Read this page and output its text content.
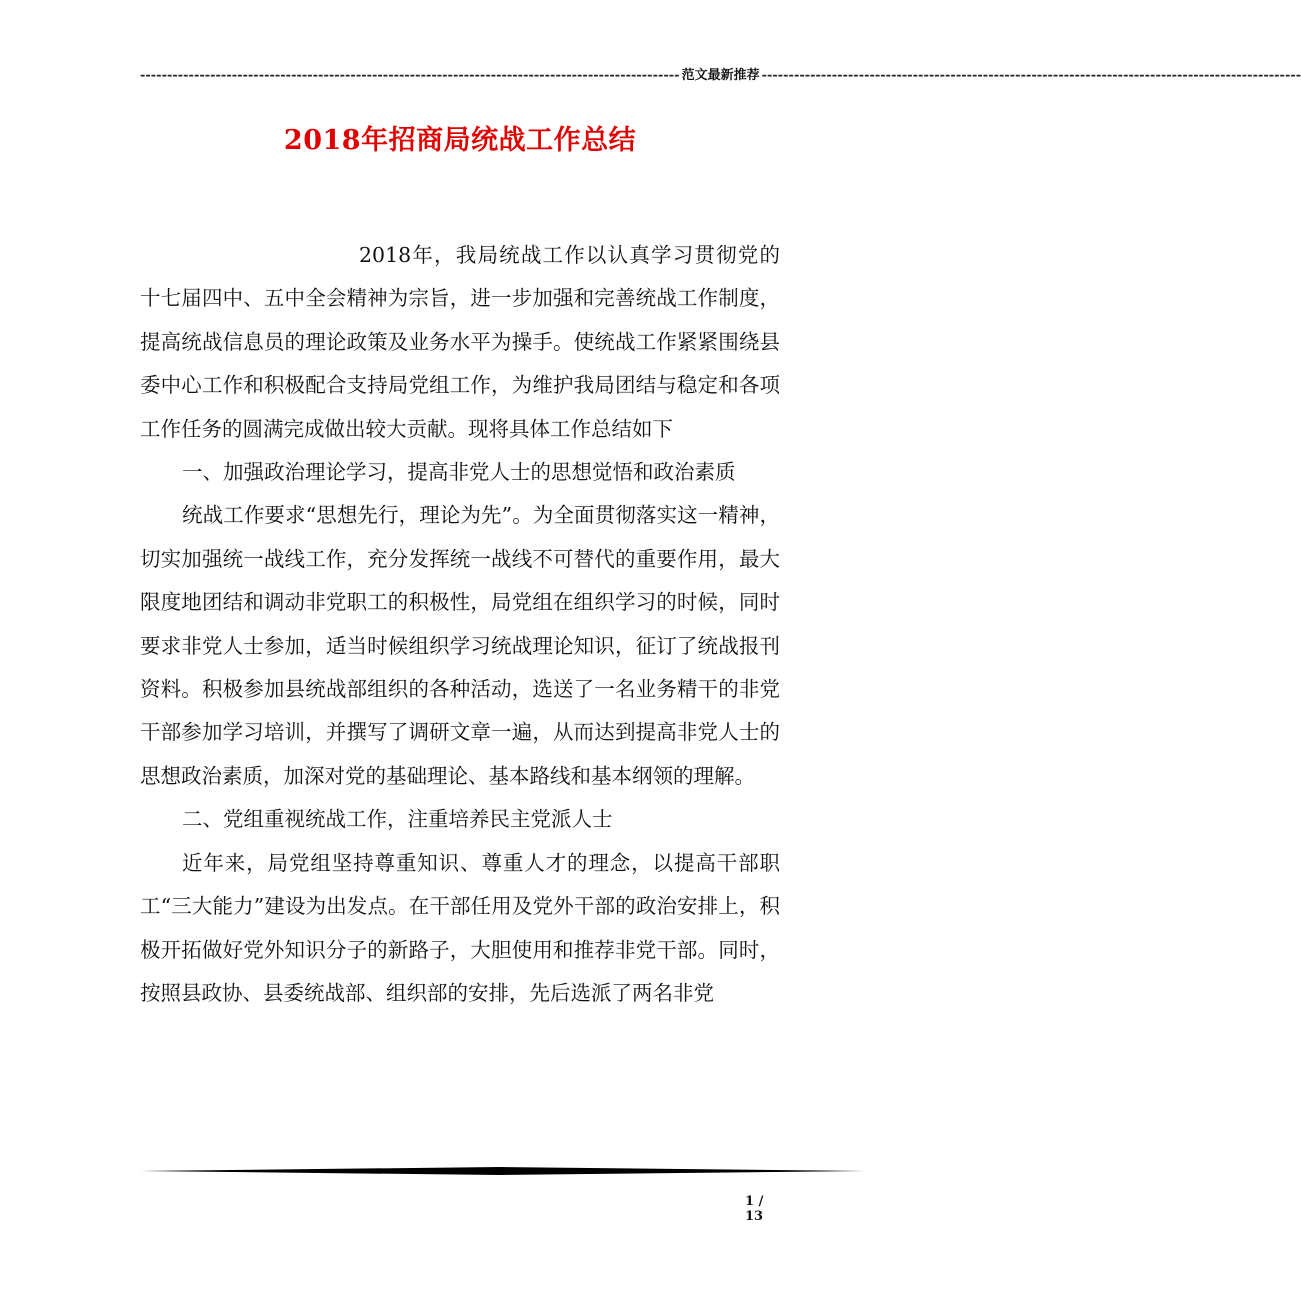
---------------------------------------------------------------------------------------------------- 范文最新推荐 ----------------------------------------------------------------------------------------------------
2018年招商局统战工作总结

2018年，我局统战工作以认真学习贯彻党的十七届四中、五中全会精神为宗旨，进一步加强和完善统战工作制度，提高统战信息员的理论政策及业务水平为操手。使统战工作紧紧围绕县委中心工作和积极配合支持局党组工作，为维护我局团结与稳定和各项工作任务的圆满完成做出较大贡献。现将具体工作总结如下

一、加强政治理论学习，提高非党人士的思想觉悟和政治素质

统战工作要求“思想先行，理论为先”。为全面贯彻落实这一精神，切实加强统一战线工作，充分发挥统一战线不可替代的重要作用，最大限度地团结和调动非党职工的积极性，局党组在组织学习的时候，同时要求非党人士参加，适当时候组织学习统战理论知识，征订了统战报刊资料。积极参加县统战部组织的各种活动，选送了一名业务精干的非党干部参加学习培训，并撰写了调研文章一遍，从而达到提高非党人士的思想政治素质，加深对党的基础理论、基本路线和基本纲领的理解。

二、党组重视统战工作，注重培养民主党派人士

近年来，局党组坚持尊重知识、尊重人才的理念，以提高干部职工“三大能力”建设为出发点。在干部任用及党外干部的政治安排上，积极开拓做好党外知识分子的新路子，大胆使用和推荐非党干部。同时，按照县政协、县委统战部、组织部的安排，先后选派了两名非党

1 / 13
